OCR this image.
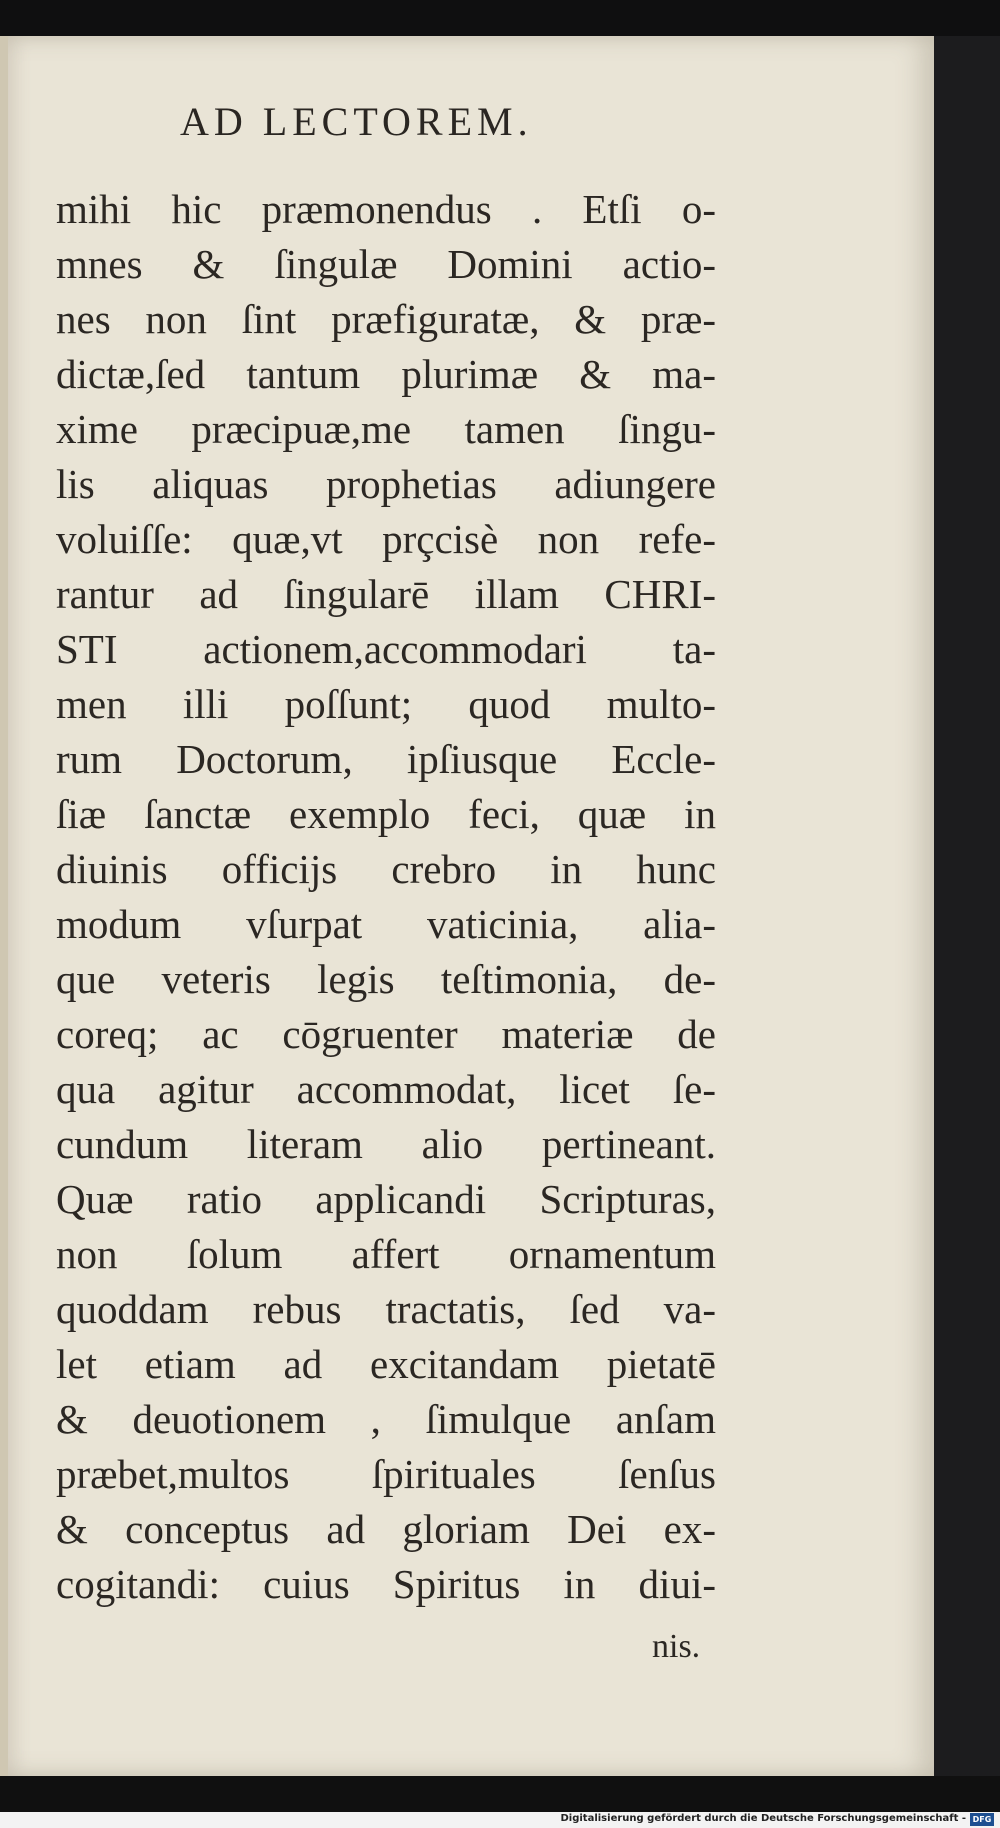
AD LECTOREM.
mihi hic præmonendus . Etſi o-
mnes & ſingulæ Domini actio-
nes non ſint præfiguratæ, & præ-
dictæ,ſed tantum plurimæ & ma-
xime præcipuæ,me tamen ſingu-
lis aliquas prophetias adiungere
voluiſſe: quæ,vt prçcisè non refe-
rantur ad ſingularē illam CHRI-
STI actionem,accommodari ta-
men illi poſſunt; quod multo-
rum Doctorum, ipſiusque Eccle-
ſiæ ſanctæ exemplo feci, quæ in
diuinis officijs crebro in hunc
modum vſurpat vaticinia, alia-
que veteris legis teſtimonia, de-
coreq; ac cōgruenter materiæ de
qua agitur accommodat, licet ſe-
cundum literam alio pertineant.
Quæ ratio applicandi Scripturas,
non ſolum affert ornamentum
quoddam rebus tractatis, ſed va-
let etiam ad excitandam pietatē
& deuotionem , ſimulque anſam
præbet,multos ſpirituales ſenſus
& conceptus ad gloriam Dei ex-
cogitandi: cuius Spiritus in diui-
nis.
Digitalisierung gefördert durch die Deutsche Forschungsgemeinschaft - DFG
